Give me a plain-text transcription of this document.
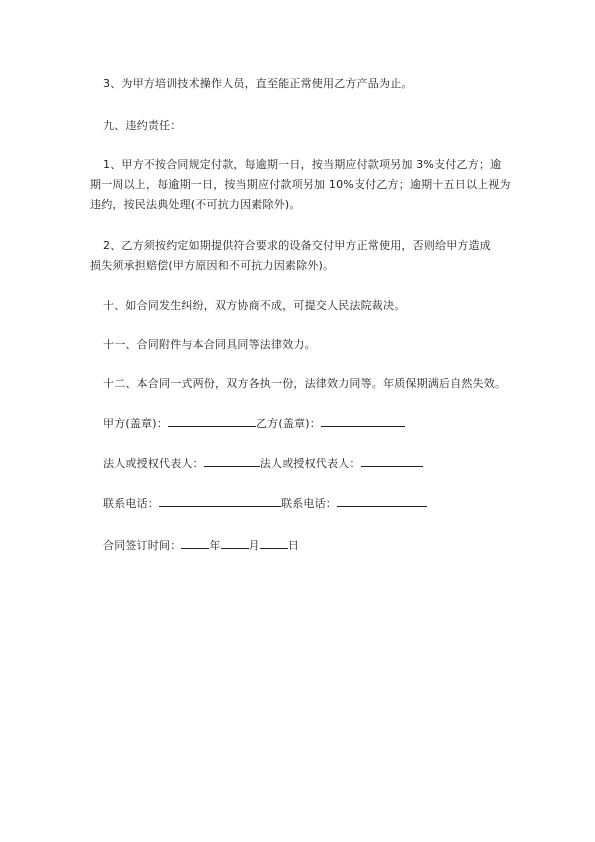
3、为甲方培训技术操作人员，直至能正常使用乙方产品为止。
九、违约责任：
1、甲方不按合同规定付款，每逾期一日，按当期应付款项另加 3%支付乙方；逾
期一周以上，每逾期一日，按当期应付款项另加 10%支付乙方；逾期十五日以上视为
违约，按民法典处理(不可抗力因素除外)。
2、乙方须按约定如期提供符合要求的设备交付甲方正常使用，否则给甲方造成
损失须承担赔偿(甲方原因和不可抗力因素除外)。
十、如合同发生纠纷，双方协商不成，可提交人民法院裁决。
十一、合同附件与本合同具同等法律效力。
十二、本合同一式两份，双方各执一份，法律效力同等。年质保期满后自然失效。
甲方(盖章)：	乙方(盖章)：
法人或授权代表人：	法人或授权代表人：
联系电话：	联系电话：
合同签订时间：	年	月	日
